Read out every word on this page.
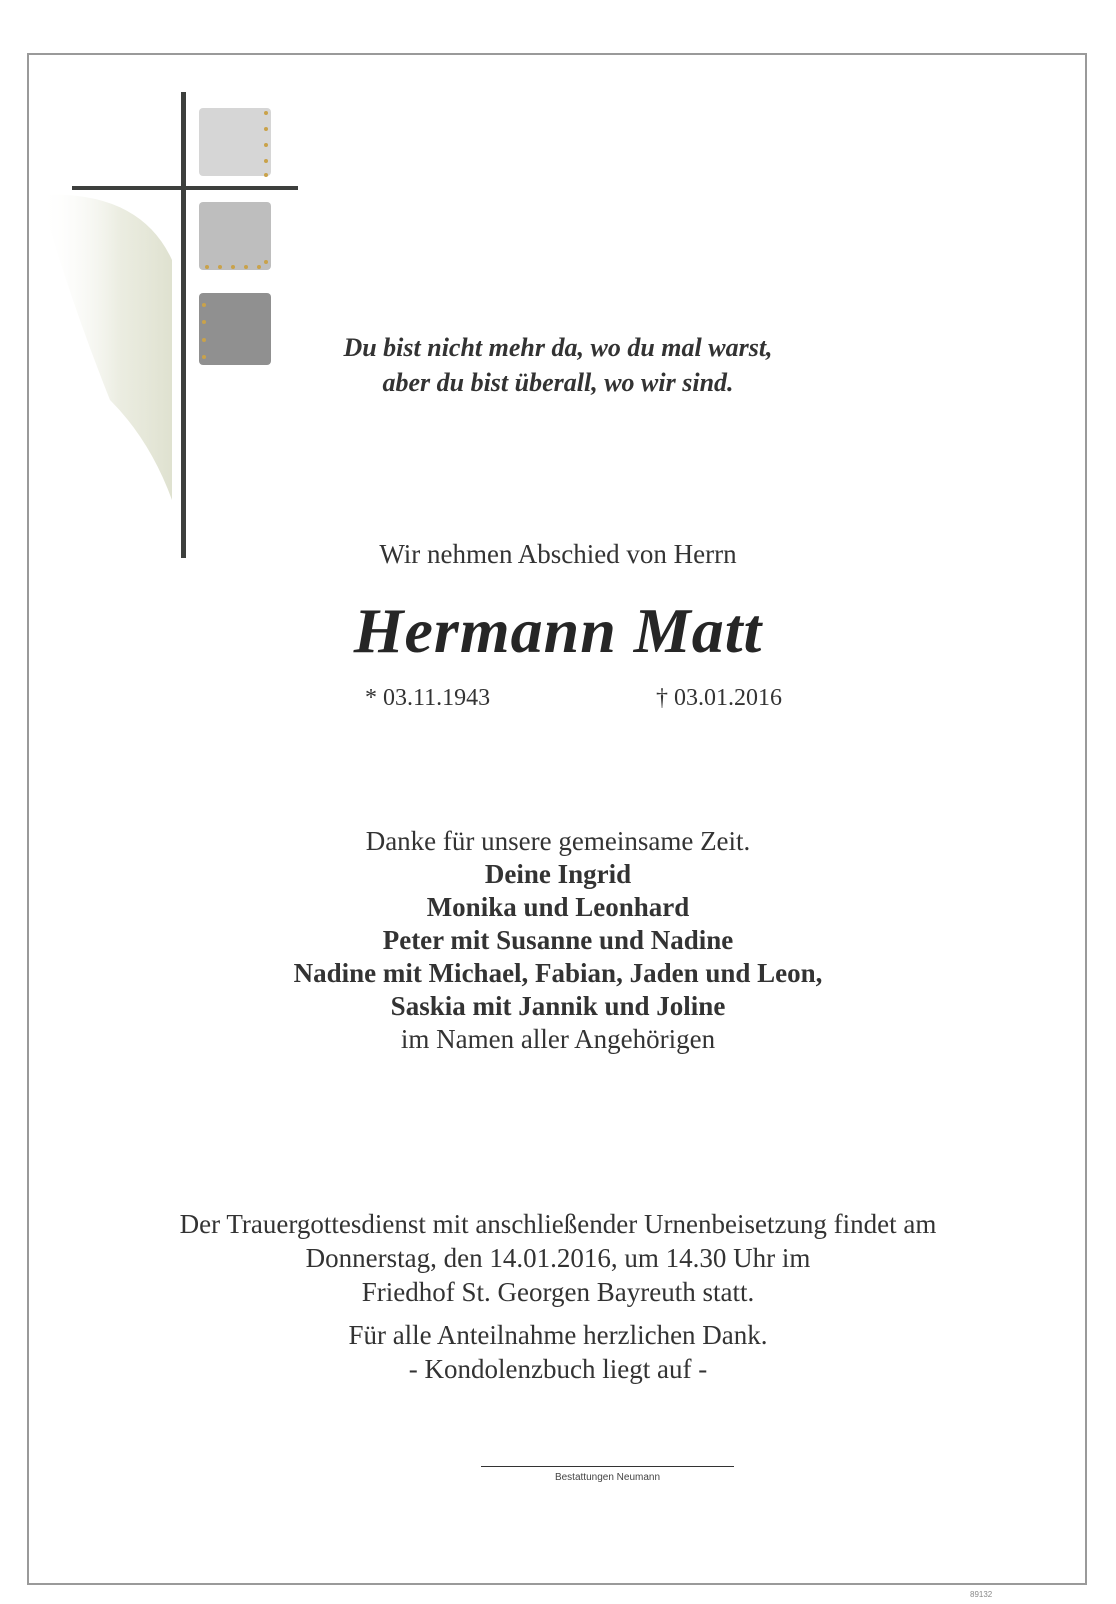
Du bist nicht mehr da, wo du mal warst,
aber du bist überall, wo wir sind.
Wir nehmen Abschied von Herrn
Hermann Matt
* 03.11.1943	† 03.01.2016
Danke für unsere gemeinsame Zeit.
Deine Ingrid
Monika und Leonhard
Peter mit Susanne und Nadine
Nadine mit Michael, Fabian, Jaden und Leon,
Saskia mit Jannik und Joline
im Namen aller Angehörigen
Der Trauergottesdienst mit anschließender Urnenbeisetzung findet am
Donnerstag, den 14.01.2016, um 14.30 Uhr im
Friedhof St. Georgen Bayreuth statt.
Für alle Anteilnahme herzlichen Dank.
- Kondolenzbuch liegt auf -
Bestattungen Neumann
89132
